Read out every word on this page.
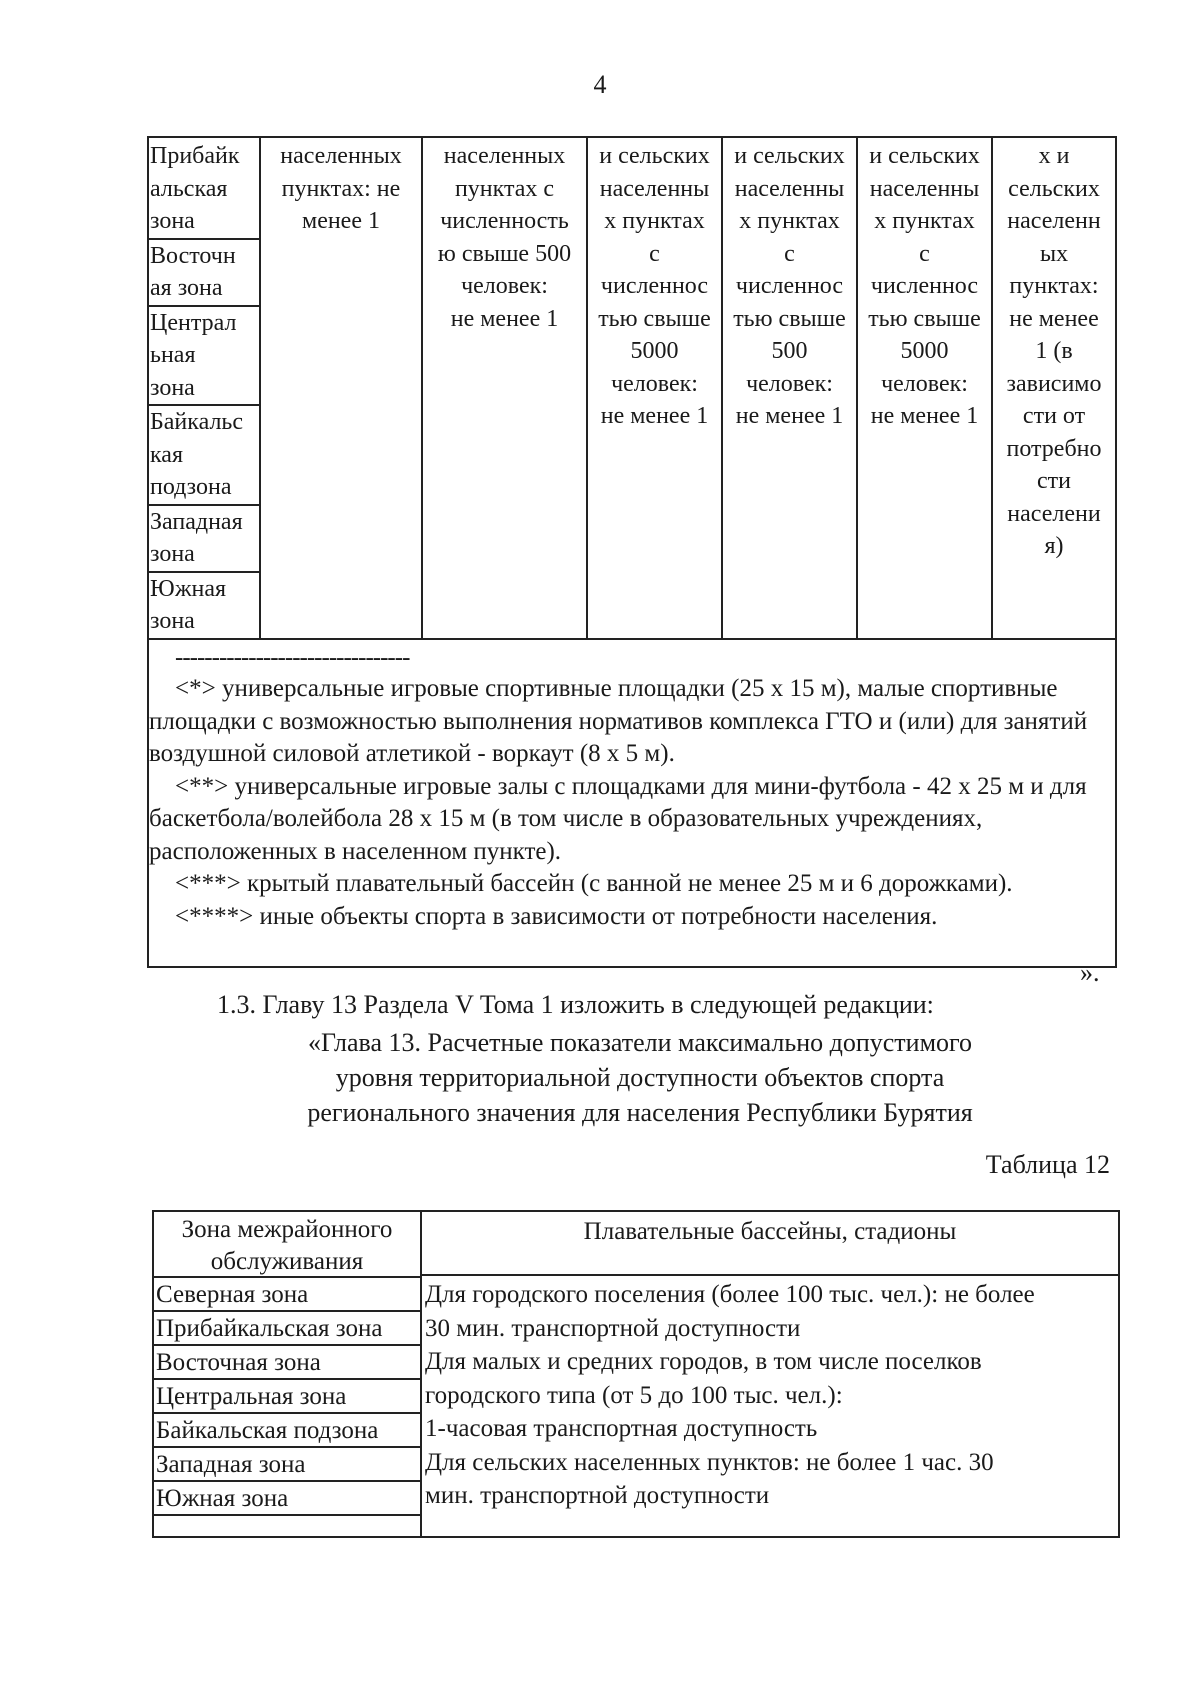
4
Прибайк
альская
зона
Восточн
ая зона
Централ
ьная
зона
Байкальс
кая
подзона
Западная
зона
Южная
зона
населенных
пунктах: не
менее 1
населенных
пунктах с
численность
ю свыше 500
человек:
не менее 1
и сельских
населенны
х пунктах
с
численнос
тью свыше
5000
человек:
не менее 1
и сельских
населенны
х пунктах
с
численнос
тью свыше
500
человек:
не менее 1
и сельских
населенны
х пунктах
с
численнос
тью свыше
5000
человек:
не менее 1
х и
сельских
населенн
ых
пунктах:
не менее
1 (в
зависимо
сти от
потребно
сти
населени
я)
--------------------------------

<*> универсальные игровые спортивные площадки (25 х 15 м), малые спортивные площадки с возможностью выполнения нормативов комплекса ГТО и (или) для занятий воздушной силовой атлетикой - воркаут (8 х 5 м).

<**> универсальные игровые залы с площадками для мини-футбола - 42 х 25 м и для баскетбола/волейбола 28 х 15 м (в том числе в образовательных учреждениях, расположенных в населенном пункте).

<***> крытый плавательный бассейн (с ванной не менее 25 м и 6 дорожками).

<****> иные объекты спорта в зависимости от потребности населения.

».
1.3. Главу 13 Раздела V Тома 1 изложить в следующей редакции:
«Глава 13. Расчетные показатели максимально допустимого
уровня территориальной доступности объектов спорта
регионального значения для населения Республики Бурятия
Таблица 12
Зона межрайонного
обслуживания
Плавательные бассейны, стадионы
Северная зона
Прибайкальская зона
Восточная зона
Центральная зона
Байкальская подзона
Западная зона
Южная зона
Для городского поселения (более 100 тыс. чел.): не более
30 мин. транспортной доступности
Для малых и средних городов, в том числе поселков
городского типа (от 5 до 100 тыс. чел.):
1-часовая транспортная доступность
Для сельских населенных пунктов: не более 1 час. 30
мин. транспортной доступности
